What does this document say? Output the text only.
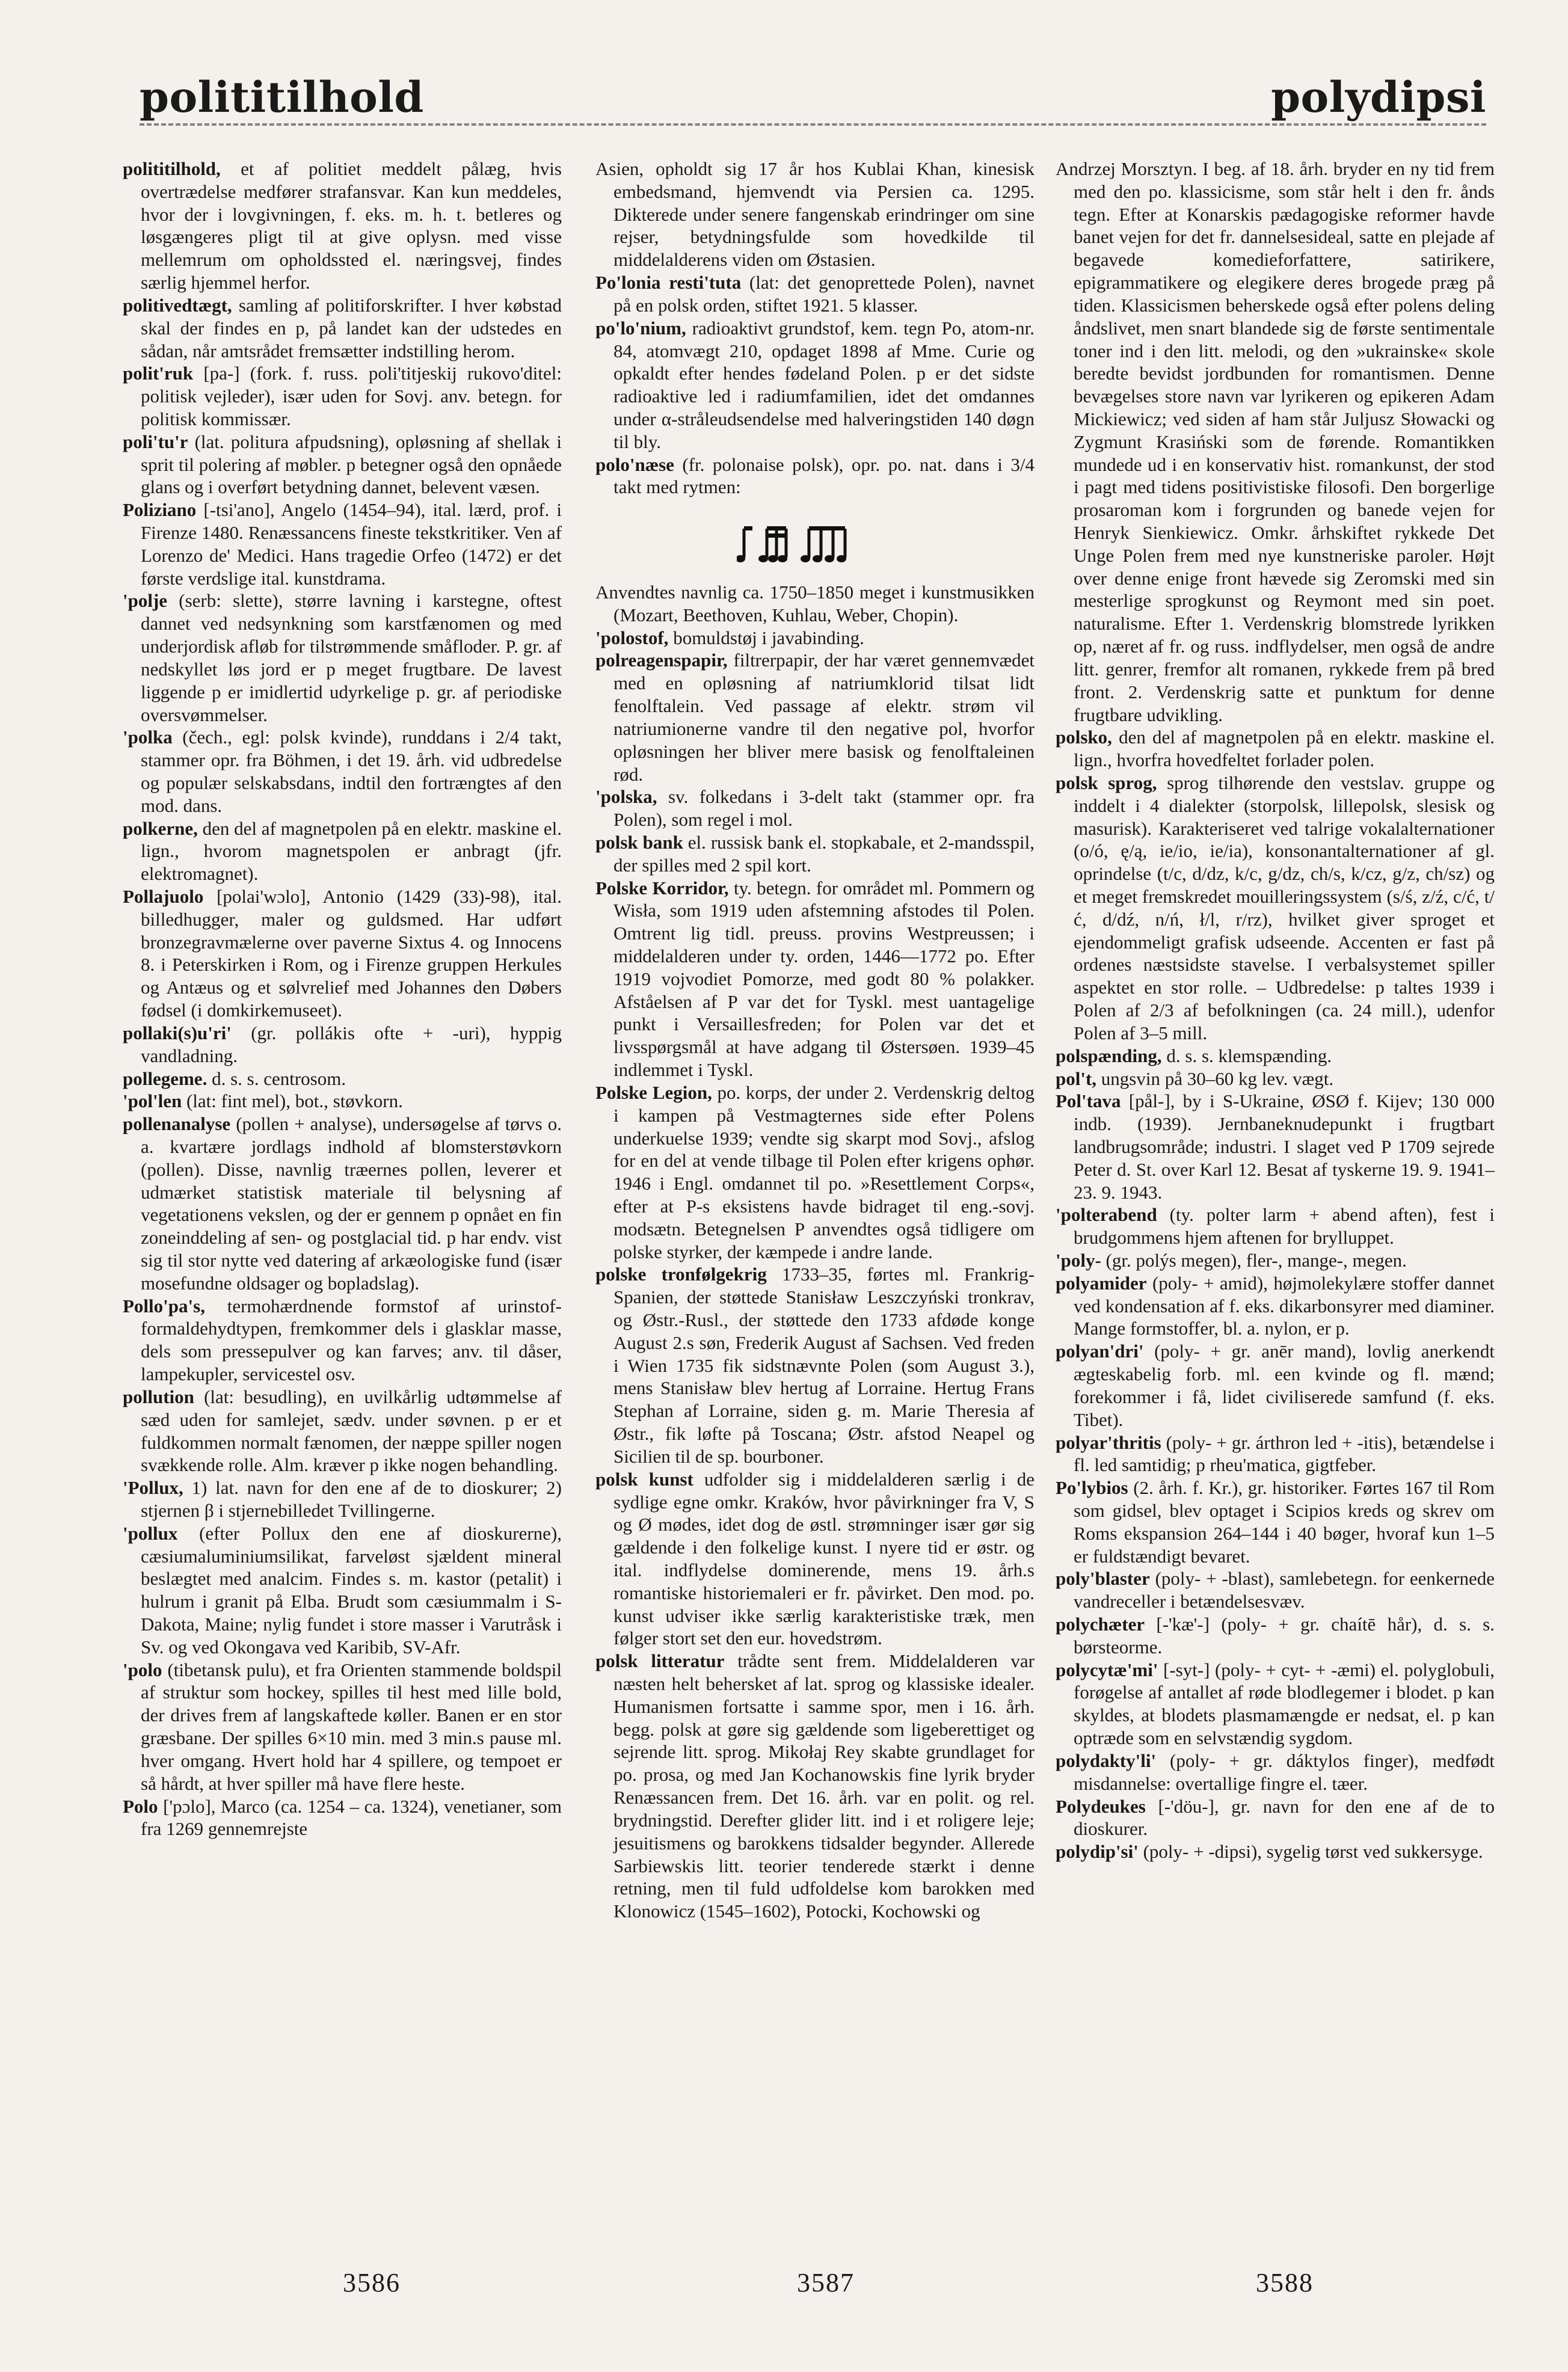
polititilhold	polydipsi

polititilhold, et af politiet meddelt pålæg, hvis overtrædelse medfører strafansvar. Kan kun meddeles, hvor der i lovgivningen, f. eks. m. h. t. betleres og løsgængeres pligt til at give oplysn. med visse mellemrum om opholdssted el. næringsvej, findes særlig hjemmel herfor.

politivedtægt, samling af politiforskrifter. I hver købstad skal der findes en p, på landet kan der udstedes en sådan, når amtsrådet fremsætter indstilling herom.

polit'ruk [pa-] (fork. f. russ. poli'titjeskij rukovo'ditel: politisk vejleder), især uden for Sovj. anv. betegn. for politisk kommissær.

poli'tu'r (lat. politura afpudsning), opløsning af shellak i sprit til polering af møbler. p betegner også den opnåede glans og i overført betydning dannet, belevent væsen.

Poliziano [-tsi'ano], Angelo (1454–94), ital. lærd, prof. i Firenze 1480. Renæssancens fineste tekstkritiker. Ven af Lorenzo de' Medici. Hans tragedie Orfeo (1472) er det første verdslige ital. kunstdrama.

'polje (serb: slette), større lavning i karstegne, oftest dannet ved nedsynkning som karstfænomen og med underjordisk afløb for tilstrømmende småfloder. P. gr. af nedskyllet løs jord er p meget frugtbare. De lavest liggende p er imidlertid udyrkelige p. gr. af periodiske oversvømmelser.

'polka (čech., egl: polsk kvinde), runddans i 2/4 takt, stammer opr. fra Böhmen, i det 19. årh. vid udbredelse og populær selskabsdans, indtil den fortrængtes af den mod. dans.

polkerne, den del af magnetpolen på en elektr. maskine el. lign., hvorom magnetspolen er anbragt (jfr. elektromagnet).

Pollajuolo [polai'wɔlo], Antonio (1429 (33)-98), ital. billedhugger, maler og guldsmed. Har udført bronzegravmælerne over paverne Sixtus 4. og Innocens 8. i Peterskirken i Rom, og i Firenze gruppen Herkules og Antæus og et sølvrelief med Johannes den Døbers fødsel (i domkirkemuseet).

pollaki(s)u'ri' (gr. pollákis ofte + -uri), hyppig vandladning.

pollegeme. d. s. s. centrosom.

'pol'len (lat: fint mel), bot., støvkorn.

pollenanalyse (pollen + analyse), undersøgelse af tørvs o. a. kvartære jordlags indhold af blomsterstøvkorn (pollen). Disse, navnlig træernes pollen, leverer et udmærket statistisk materiale til belysning af vegetationens vekslen, og der er gennem p opnået en fin zoneinddeling af sen- og postglacial tid. p har endv. vist sig til stor nytte ved datering af arkæologiske fund (især mosefundne oldsager og bopladslag).

Pollo'pa's, termohærdnende formstof af urinstof-formaldehydtypen, fremkommer dels i glasklar masse, dels som pressepulver og kan farves; anv. til dåser, lampekupler, servicestel osv.

pollution (lat: besudling), en uvilkårlig udtømmelse af sæd uden for samlejet, sædv. under søvnen. p er et fuldkommen normalt fænomen, der næppe spiller nogen svækkende rolle. Alm. kræver p ikke nogen behandling.

'Pollux, 1) lat. navn for den ene af de to dioskurer; 2) stjernen β i stjernebilledet Tvillingerne.

'pollux (efter Pollux den ene af dioskurerne), cæsiumaluminiumsilikat, farveløst sjældent mineral beslægtet med analcim. Findes s. m. kastor (petalit) i hulrum i granit på Elba. Brudt som cæsiummalm i S-Dakota, Maine; nylig fundet i store masser i Varutråsk i Sv. og ved Okongava ved Karibib, SV-Afr.

'polo (tibetansk pulu), et fra Orienten stammende boldspil af struktur som hockey, spilles til hest med lille bold, der drives frem af langskaftede køller. Banen er en stor græsbane. Der spilles 6×10 min. med 3 min.s pause ml. hver omgang. Hvert hold har 4 spillere, og tempoet er så hårdt, at hver spiller må have flere heste.

Polo ['pɔlo], Marco (ca. 1254 – ca. 1324), venetianer, som fra 1269 gennemrejste

Asien, opholdt sig 17 år hos Kublai Khan, kinesisk embedsmand, hjemvendt via Persien ca. 1295. Dikterede under senere fangenskab erindringer om sine rejser, betydningsfulde som hovedkilde til middelalderens viden om Østasien.

Po'lonia resti'tuta (lat: det genoprettede Polen), navnet på en polsk orden, stiftet 1921. 5 klasser.

po'lo'nium, radioaktivt grundstof, kem. tegn Po, atom-nr. 84, atomvægt 210, opdaget 1898 af Mme. Curie og opkaldt efter hendes fødeland Polen. p er det sidste radioaktive led i radiumfamilien, idet det omdannes under α-stråleudsendelse med halveringstiden 140 døgn til bly.

polo'næse (fr. polonaise polsk), opr. po. nat. dans i 3/4 takt med rytmen:

Anvendtes navnlig ca. 1750–1850 meget i kunstmusikken (Mozart, Beethoven, Kuhlau, Weber, Chopin).

'polostof, bomuldstøj i javabinding.

polreagenspapir, filtrerpapir, der har været gennemvædet med en opløsning af natriumklorid tilsat lidt fenolftalein. Ved passage af elektr. strøm vil natriumionerne vandre til den negative pol, hvorfor opløsningen her bliver mere basisk og fenolftaleinen rød.

'polska, sv. folkedans i 3-delt takt (stammer opr. fra Polen), som regel i mol.

polsk bank el. russisk bank el. stopkabale, et 2-mandsspil, der spilles med 2 spil kort.

Polske Korridor, ty. betegn. for området ml. Pommern og Wisła, som 1919 uden afstemning afstodes til Polen. Omtrent lig tidl. preuss. provins Westpreussen; i middelalderen under ty. orden, 1446—1772 po. Efter 1919 vojvodiet Pomorze, med godt 80 % polakker. Afståelsen af P var det for Tyskl. mest uantagelige punkt i Versaillesfreden; for Polen var det et livsspørgsmål at have adgang til Østersøen. 1939–45 indlemmet i Tyskl.

Polske Legion, po. korps, der under 2. Verdenskrig deltog i kampen på Vestmagternes side efter Polens underkuelse 1939; vendte sig skarpt mod Sovj., afslog for en del at vende tilbage til Polen efter krigens ophør. 1946 i Engl. omdannet til po. »Resettlement Corps«, efter at P-s eksistens havde bidraget til eng.-sovj. modsætn. Betegnelsen P anvendtes også tidligere om polske styrker, der kæmpede i andre lande.

polske tronfølgekrig 1733–35, førtes ml. Frankrig-Spanien, der støttede Stanisław Leszczyński tronkrav, og Østr.-Rusl., der støttede den 1733 afdøde konge August 2.s søn, Frederik August af Sachsen. Ved freden i Wien 1735 fik sidstnævnte Polen (som August 3.), mens Stanisław blev hertug af Lorraine. Hertug Frans Stephan af Lorraine, siden g. m. Marie Theresia af Østr., fik løfte på Toscana; Østr. afstod Neapel og Sicilien til de sp. bourboner.

polsk kunst udfolder sig i middelalderen særlig i de sydlige egne omkr. Kraków, hvor påvirkninger fra V, S og Ø mødes, idet dog de østl. strømninger især gør sig gældende i den folkelige kunst. I nyere tid er østr. og ital. indflydelse dominerende, mens 19. årh.s romantiske historiemaleri er fr. påvirket. Den mod. po. kunst udviser ikke særlig karakteristiske træk, men følger stort set den eur. hovedstrøm.

polsk litteratur trådte sent frem. Middelalderen var næsten helt behersket af lat. sprog og klassiske idealer. Humanismen fortsatte i samme spor, men i 16. årh. begg. polsk at gøre sig gældende som ligeberettiget og sejrende litt. sprog. Mikołaj Rey skabte grundlaget for po. prosa, og med Jan Kochanowskis fine lyrik bryder Renæssancen frem. Det 16. årh. var en polit. og rel. brydningstid. Derefter glider litt. ind i et roligere leje; jesuitismens og barokkens tidsalder begynder. Allerede Sarbiewskis litt. teorier tenderede stærkt i denne retning, men til fuld udfoldelse kom barokken med Klonowicz (1545–1602), Potocki, Kochowski og

Andrzej Morsztyn. I beg. af 18. årh. bryder en ny tid frem med den po. klassicisme, som står helt i den fr. ånds tegn. Efter at Konarskis pædagogiske reformer havde banet vejen for det fr. dannelsesideal, satte en plejade af begavede komedieforfattere, satirikere, epigrammatikere og elegikere deres brogede præg på tiden. Klassicismen beherskede også efter polens deling åndslivet, men snart blandede sig de første sentimentale toner ind i den litt. melodi, og den »ukrainske« skole beredte bevidst jordbunden for romantismen. Denne bevægelses store navn var lyrikeren og epikeren Adam Mickiewicz; ved siden af ham står Juljusz Słowacki og Zygmunt Krasiński som de førende. Romantikken mundede ud i en konservativ hist. romankunst, der stod i pagt med tidens positivistiske filosofi. Den borgerlige prosaroman kom i forgrunden og banede vejen for Henryk Sienkiewicz. Omkr. århskiftet rykkede Det Unge Polen frem med nye kunstneriske paroler. Højt over denne enige front hævede sig Zeromski med sin mesterlige sprogkunst og Reymont med sin poet. naturalisme. Efter 1. Verdenskrig blomstrede lyrikken op, næret af fr. og russ. indflydelser, men også de andre litt. genrer, fremfor alt romanen, rykkede frem på bred front. 2. Verdenskrig satte et punktum for denne frugtbare udvikling.

polsko, den del af magnetpolen på en elektr. maskine el. lign., hvorfra hovedfeltet forlader polen.

polsk sprog, sprog tilhørende den vestslav. gruppe og inddelt i 4 dialekter (storpolsk, lillepolsk, slesisk og masurisk). Karakteriseret ved talrige vokalalternationer (o/ó, ę/ą, ie/io, ie/ia), konsonantalternationer af gl. oprindelse (t/c, d/dz, k/c, g/dz, ch/s, k/cz, g/z, ch/sz) og et meget fremskredet mouilleringssystem (s/ś, z/ź, c/ć, t/ć, d/dź, n/ń, ł/l, r/rz), hvilket giver sproget et ejendommeligt grafisk udseende. Accenten er fast på ordenes næstsidste stavelse. I verbalsystemet spiller aspektet en stor rolle. – Udbredelse: p taltes 1939 i Polen af 2/3 af befolkningen (ca. 24 mill.), udenfor Polen af 3–5 mill.

polspænding, d. s. s. klemspænding.

pol't, ungsvin på 30–60 kg lev. vægt.

Pol'tava [pål-], by i S-Ukraine, ØSØ f. Kijev; 130 000 indb. (1939). Jernbaneknudepunkt i frugtbart landbrugsområde; industri. I slaget ved P 1709 sejrede Peter d. St. over Karl 12. Besat af tyskerne 19. 9. 1941–23. 9. 1943.

'polterabend (ty. polter larm + abend aften), fest i brudgommens hjem aftenen for brylluppet.

'poly- (gr. polýs megen), fler-, mange-, megen.

polyamider (poly- + amid), højmolekylære stoffer dannet ved kondensation af f. eks. dikarbonsyrer med diaminer. Mange formstoffer, bl. a. nylon, er p.

polyan'dri' (poly- + gr. anēr mand), lovlig anerkendt ægteskabelig forb. ml. een kvinde og fl. mænd; forekommer i få, lidet civiliserede samfund (f. eks. Tibet).

polyar'thritis (poly- + gr. árthron led + -itis), betændelse i fl. led samtidig; p rheu'matica, gigtfeber.

Po'lybios (2. årh. f. Kr.), gr. historiker. Førtes 167 til Rom som gidsel, blev optaget i Scipios kreds og skrev om Roms ekspansion 264–144 i 40 bøger, hvoraf kun 1–5 er fuldstændigt bevaret.

poly'blaster (poly- + -blast), samlebetegn. for eenkernede vandreceller i betændelsesvæv.

polychæter [-'kæ'-] (poly- + gr. chaítē hår), d. s. s. børsteorme.

polycytæ'mi' [-syt-] (poly- + cyt- + -æmi) el. polyglobuli, forøgelse af antallet af røde blodlegemer i blodet. p kan skyldes, at blodets plasmamængde er nedsat, el. p kan optræde som en selvstændig sygdom.

polydakty'li' (poly- + gr. dáktylos finger), medfødt misdannelse: overtallige fingre el. tæer.

Polydeukes [-'döu-], gr. navn for den ene af de to dioskurer.

polydip'si' (poly- + -dipsi), sygelig tørst ved sukkersyge.

3586	3587	3588
